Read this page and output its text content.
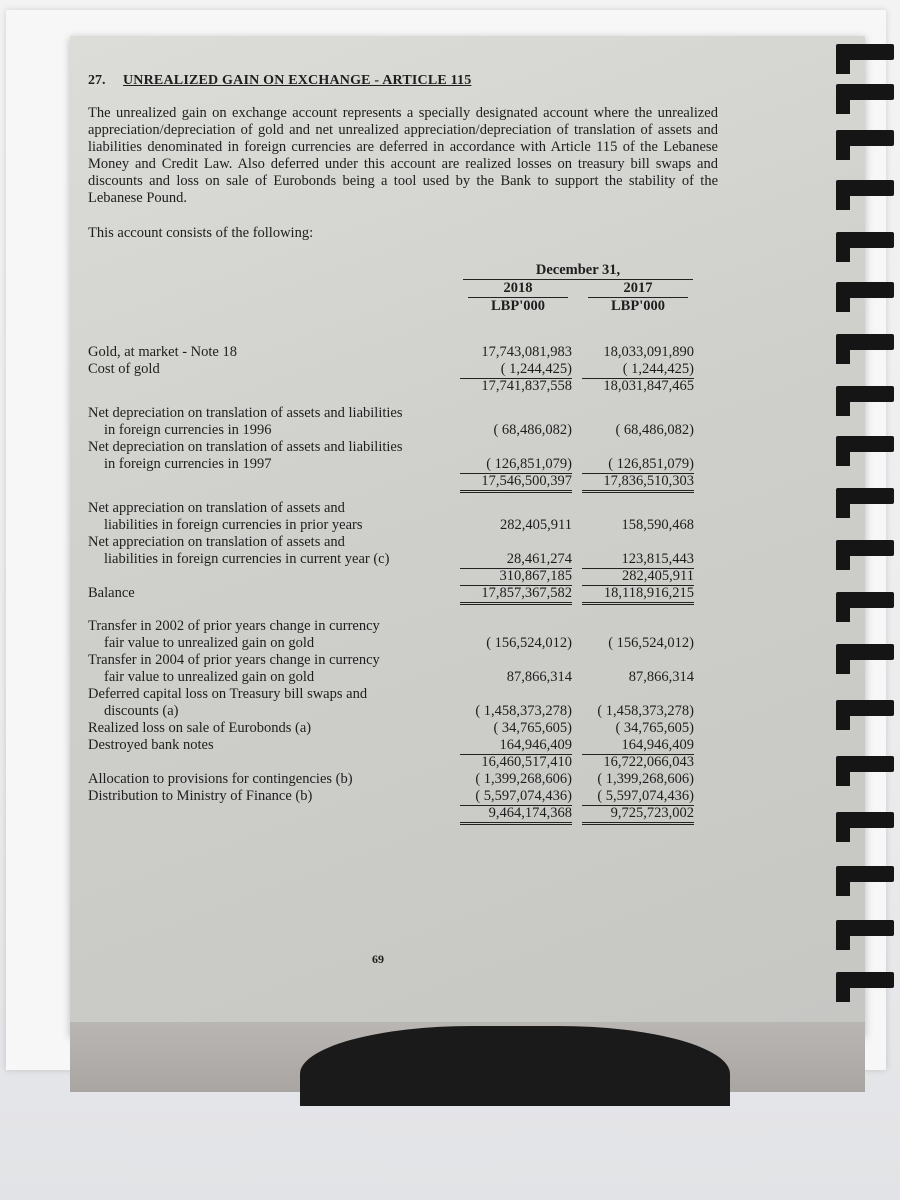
27. UNREALIZED GAIN ON EXCHANGE - ARTICLE 115
The unrealized gain on exchange account represents a specially designated account where the unrealized appreciation/depreciation of gold and net unrealized appreciation/depreciation of translation of assets and liabilities denominated in foreign currencies are deferred in accordance with Article 115 of the Lebanese Money and Credit Law. Also deferred under this account are realized losses on treasury bill swaps and discounts and loss on sale of Eurobonds being a tool used by the Bank to support the stability of the Lebanese Pound.
This account consists of the following:
December 31,
2018	2017
LBP'000	LBP'000
Gold, at market - Note 18	17,743,081,983	18,033,091,890
Cost of gold	( 1,244,425)	( 1,244,425)
17,741,837,558	18,031,847,465
Net depreciation on translation of assets and liabilities
in foreign currencies in 1996	( 68,486,082)	( 68,486,082)
Net depreciation on translation of assets and liabilities
in foreign currencies in 1997	( 126,851,079)	( 126,851,079)
17,546,500,397	17,836,510,303
Net appreciation on translation of assets and
liabilities in foreign currencies in prior years	282,405,911	158,590,468
Net appreciation on translation of assets and
liabilities in foreign currencies in current year (c)	28,461,274	123,815,443
310,867,185	282,405,911
Balance	17,857,367,582	18,118,916,215
Transfer in 2002 of prior years change in currency
fair value to unrealized gain on gold	( 156,524,012)	( 156,524,012)
Transfer in 2004 of prior years change in currency
fair value to unrealized gain on gold	87,866,314	87,866,314
Deferred capital loss on Treasury bill swaps and
discounts (a)	( 1,458,373,278)	( 1,458,373,278)
Realized loss on sale of Eurobonds (a)	( 34,765,605)	( 34,765,605)
Destroyed bank notes	164,946,409	164,946,409
16,460,517,410	16,722,066,043
Allocation to provisions for contingencies (b)	( 1,399,268,606)	( 1,399,268,606)
Distribution to Ministry of Finance (b)	( 5,597,074,436)	( 5,597,074,436)
9,464,174,368	9,725,723,002
69
